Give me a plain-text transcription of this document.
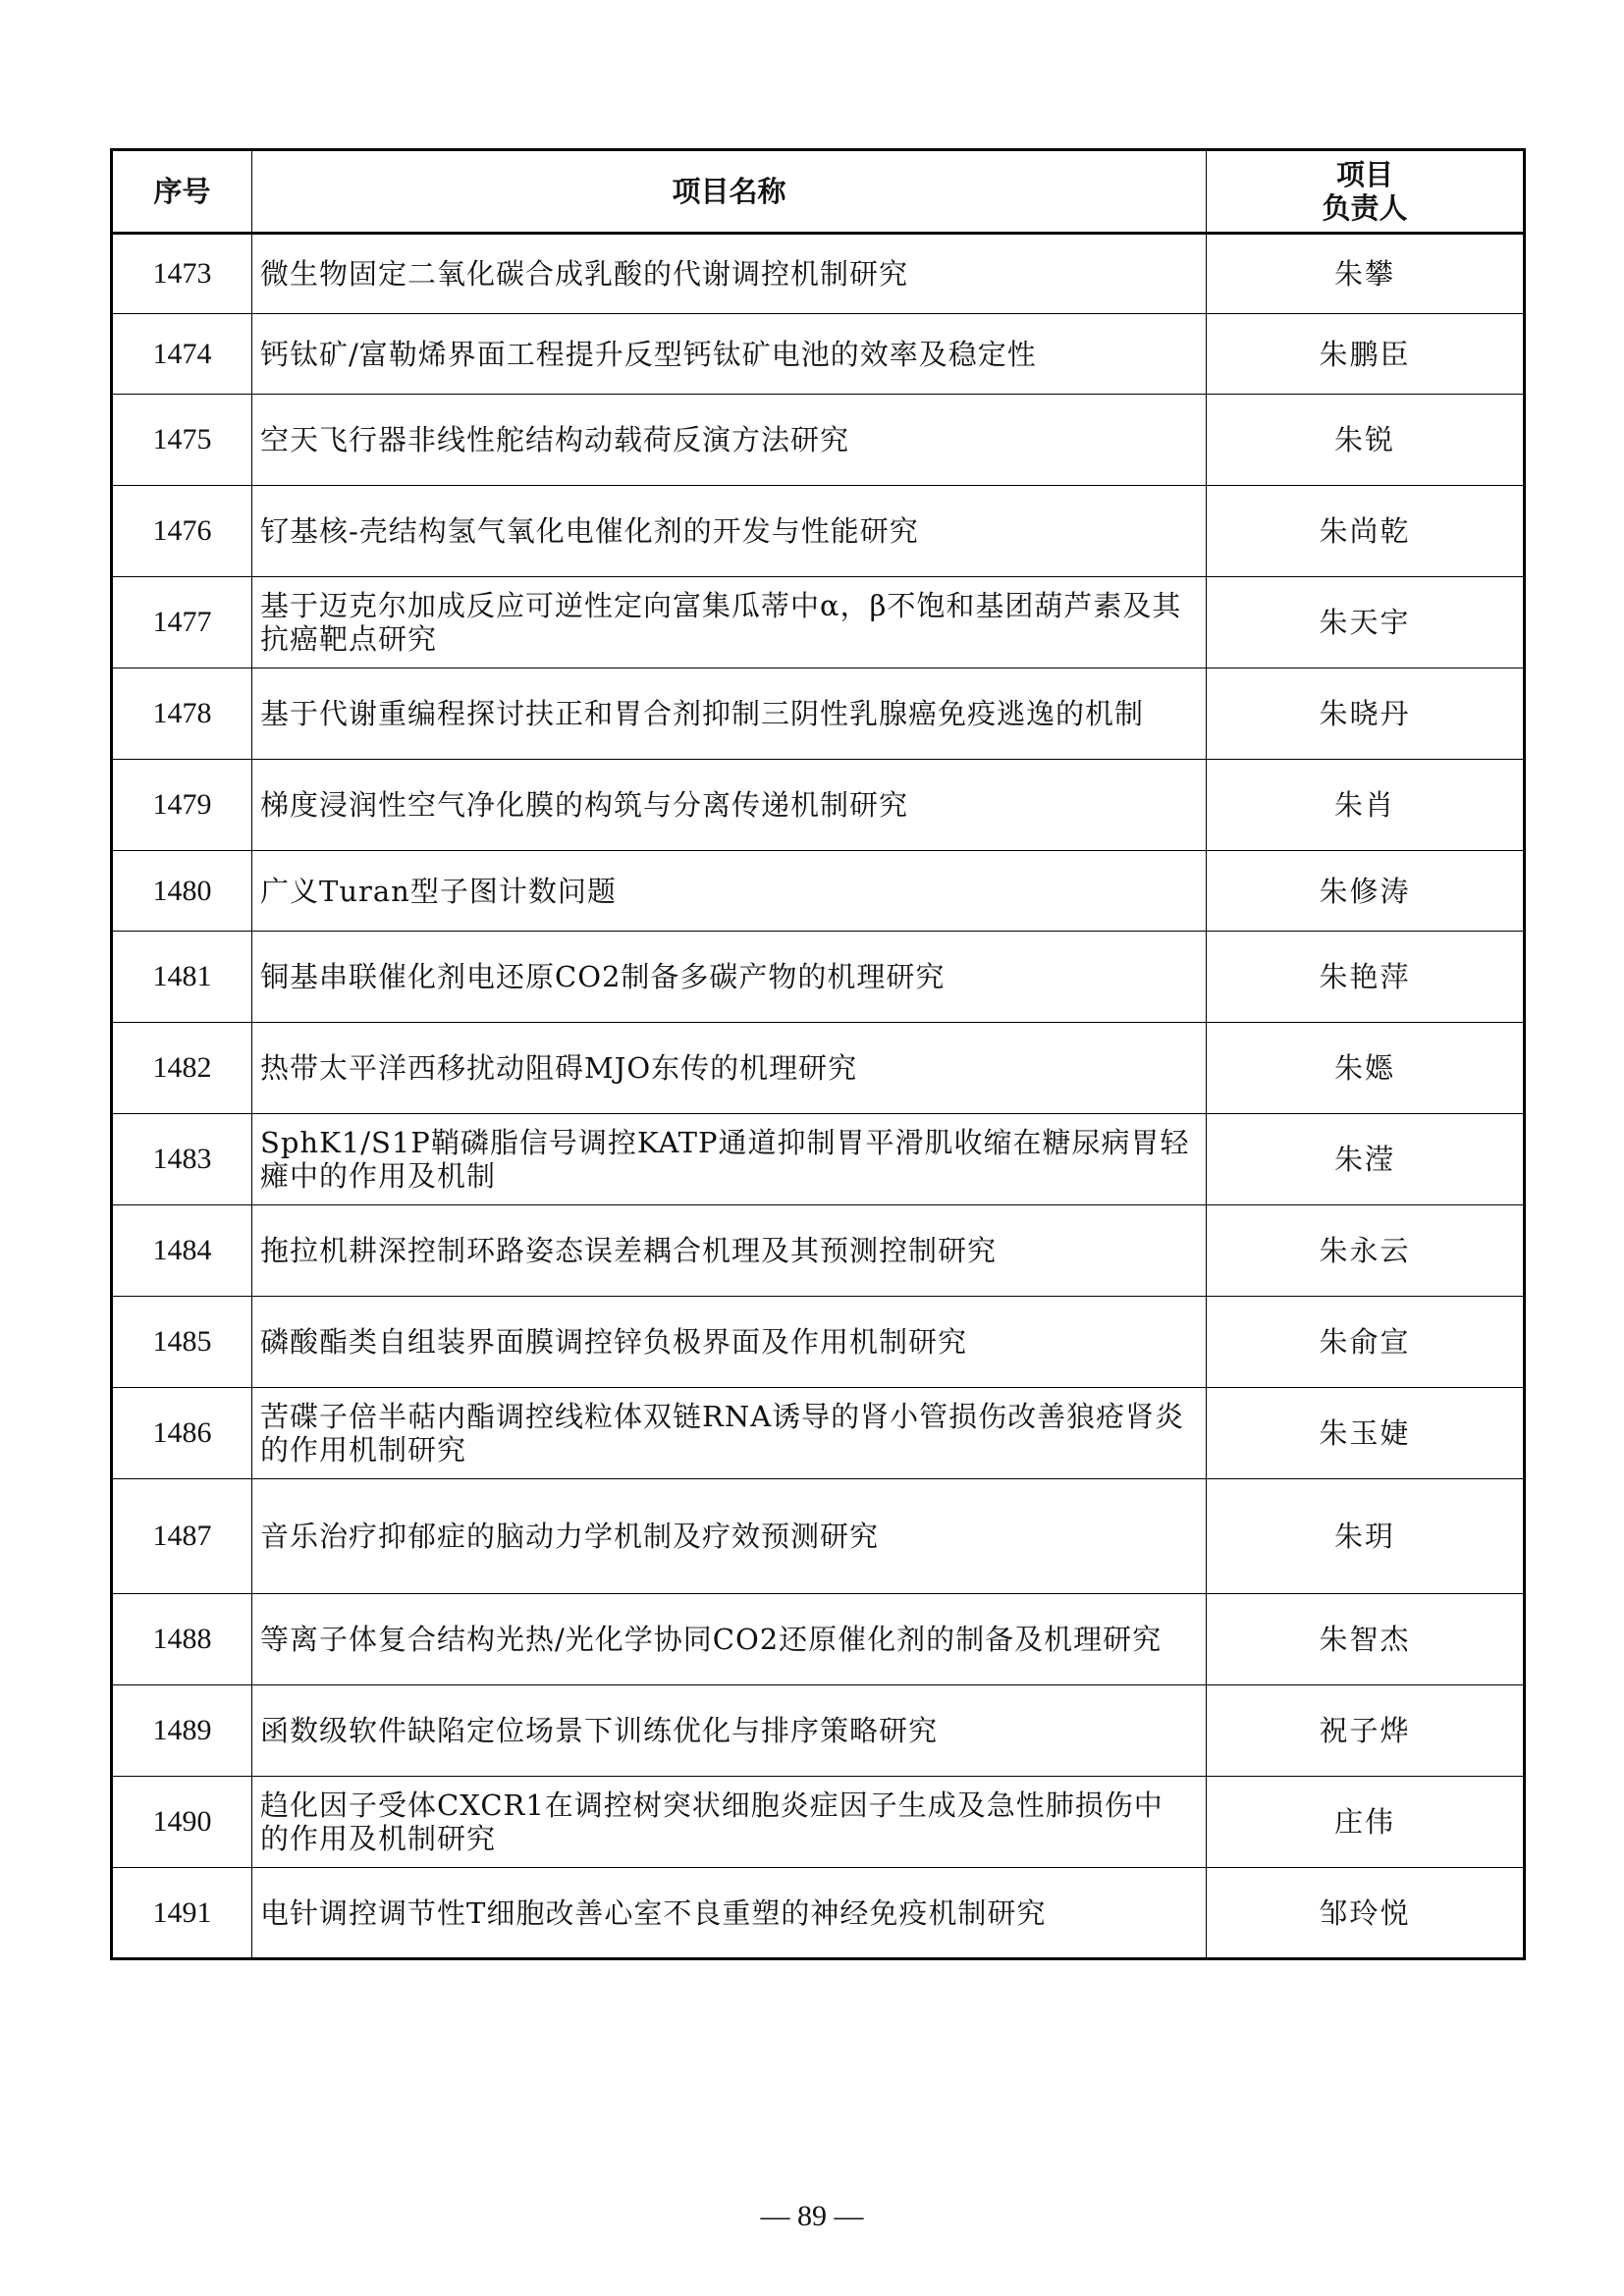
序号	项目名称	项目
负责人

1473	微生物固定二氧化碳合成乳酸的代谢调控机制研究	朱攀
1474	钙钛矿/富勒烯界面工程提升反型钙钛矿电池的效率及稳定性	朱鹏臣
1475	空天飞行器非线性舵结构动载荷反演方法研究	朱锐
1476	钌基核-壳结构氢气氧化电催化剂的开发与性能研究	朱尚乾
1477	基于迈克尔加成反应可逆性定向富集瓜蒂中α，β不饱和基团葫芦素及其抗癌靶点研究	朱天宇
1478	基于代谢重编程探讨扶正和胃合剂抑制三阴性乳腺癌免疫逃逸的机制	朱晓丹
1479	梯度浸润性空气净化膜的构筑与分离传递机制研究	朱肖
1480	广义Turan型子图计数问题	朱修涛
1481	铜基串联催化剂电还原CO2制备多碳产物的机理研究	朱艳萍
1482	热带太平洋西移扰动阻碍MJO东传的机理研究	朱嫕
1483	SphK1/S1P鞘磷脂信号调控KATP通道抑制胃平滑肌收缩在糖尿病胃轻瘫中的作用及机制	朱滢
1484	拖拉机耕深控制环路姿态误差耦合机理及其预测控制研究	朱永云
1485	磷酸酯类自组装界面膜调控锌负极界面及作用机制研究	朱俞宣
1486	苦碟子倍半萜内酯调控线粒体双链RNA诱导的肾小管损伤改善狼疮肾炎的作用机制研究	朱玉婕
1487	音乐治疗抑郁症的脑动力学机制及疗效预测研究	朱玥
1488	等离子体复合结构光热/光化学协同CO2还原催化剂的制备及机理研究	朱智杰
1489	函数级软件缺陷定位场景下训练优化与排序策略研究	祝子烨
1490	趋化因子受体CXCR1在调控树突状细胞炎症因子生成及急性肺损伤中的作用及机制研究	庄伟
1491	电针调控调节性T细胞改善心室不良重塑的神经免疫机制研究	邹玲悦
— 89 —
